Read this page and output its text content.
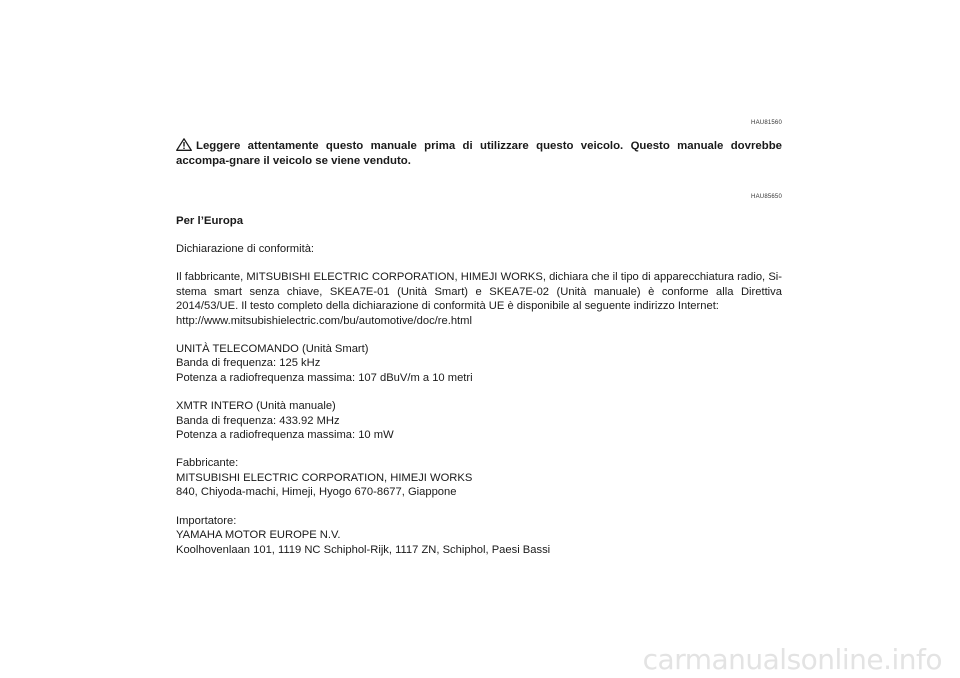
HAU81560
Leggere attentamente questo manuale prima di utilizzare questo veicolo. Questo manuale dovrebbe accompa-gnare il veicolo se viene venduto.
HAU85650
Per l’Europa
Dichiarazione di conformità:
Il fabbricante, MITSUBISHI ELECTRIC CORPORATION, HIMEJI WORKS, dichiara che il tipo di apparecchiatura radio, Si-stema smart senza chiave, SKEA7E-01 (Unità Smart) e SKEA7E-02 (Unità manuale) è conforme alla Direttiva 2014/53/UE. Il testo completo della dichiarazione di conformità UE è disponibile al seguente indirizzo Internet:
http://www.mitsubishielectric.com/bu/automotive/doc/re.html
UNITÀ TELECOMANDO (Unità Smart)
Banda di frequenza: 125 kHz
Potenza a radiofrequenza massima: 107 dBuV/m a 10 metri
XMTR INTERO (Unità manuale)
Banda di frequenza: 433.92 MHz
Potenza a radiofrequenza massima: 10 mW
Fabbricante:
MITSUBISHI ELECTRIC CORPORATION, HIMEJI WORKS
840, Chiyoda-machi, Himeji, Hyogo 670-8677, Giappone
Importatore:
YAMAHA MOTOR EUROPE N.V.
Koolhovenlaan 101, 1119 NC Schiphol-Rijk, 1117 ZN, Schiphol, Paesi Bassi
carmanualsonline.info
